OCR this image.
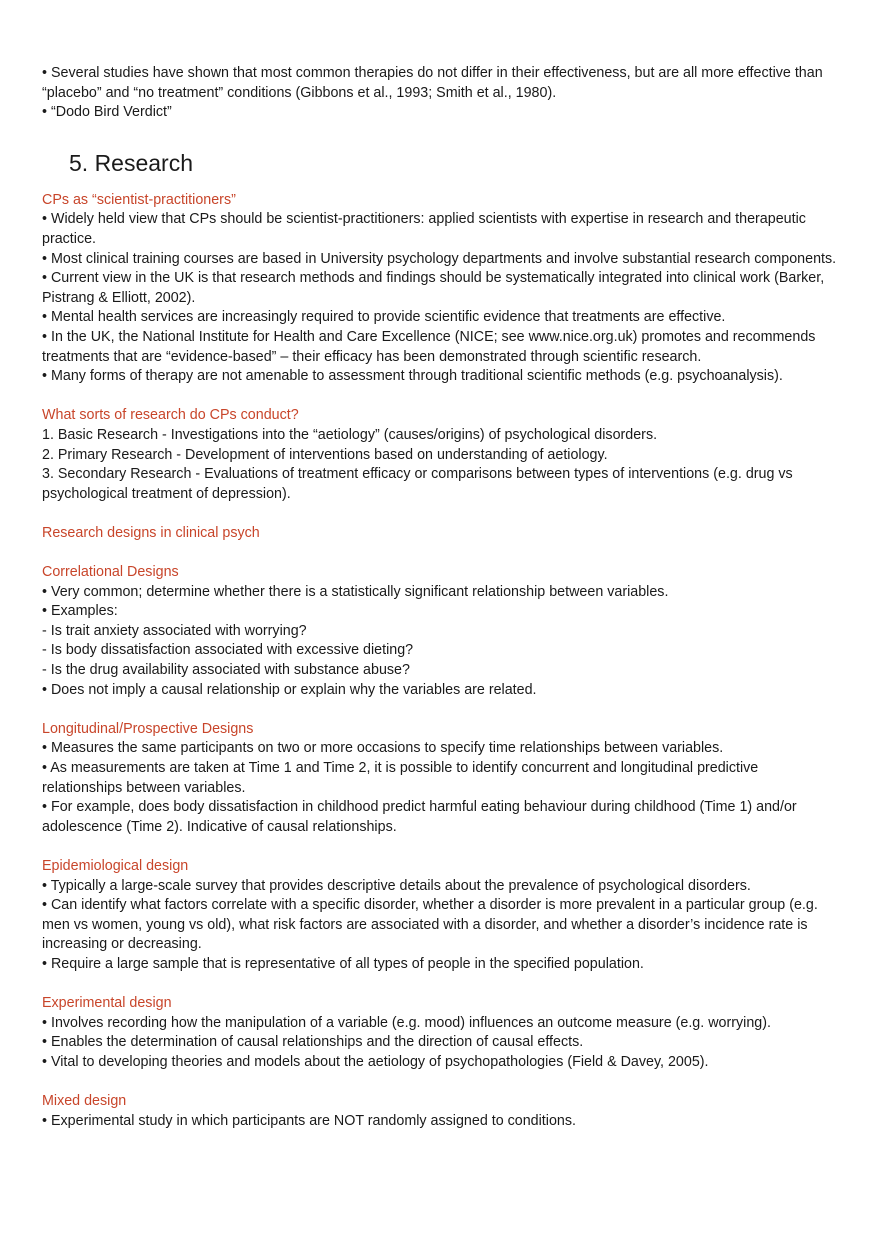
• Several studies have shown that most common therapies do not differ in their effectiveness, but are all more effective than “placebo” and “no treatment” conditions (Gibbons et al., 1993; Smith et al., 1980).
• “Dodo Bird Verdict”
5. Research
CPs as “scientist-practitioners”
• Widely held view that CPs should be scientist-practitioners: applied scientists with expertise in research and therapeutic practice.
• Most clinical training courses are based in University psychology departments and involve substantial research components.
• Current view in the UK is that research methods and findings should be systematically integrated into clinical work (Barker, Pistrang & Elliott, 2002).
• Mental health services are increasingly required to provide scientific evidence that treatments are effective.
• In the UK, the National Institute for Health and Care Excellence (NICE; see www.nice.org.uk) promotes and recommends treatments that are “evidence-based” – their efficacy has been demonstrated through scientific research.
• Many forms of therapy are not amenable to assessment through traditional scientific methods (e.g. psychoanalysis).
What sorts of research do CPs conduct?
1. Basic Research - Investigations into the “aetiology” (causes/origins) of psychological disorders.
2. Primary Research - Development of interventions based on understanding of aetiology.
3. Secondary Research - Evaluations of treatment efficacy or comparisons between types of interventions (e.g. drug vs psychological treatment of depression).
Research designs in clinical psych
Correlational Designs
• Very common; determine whether there is a statistically significant relationship between variables.
• Examples:
- Is trait anxiety associated with worrying?
- Is body dissatisfaction associated with excessive dieting?
- Is the drug availability associated with substance abuse?
• Does not imply a causal relationship or explain why the variables are related.
Longitudinal/Prospective Designs
• Measures the same participants on two or more occasions to specify time relationships between variables.
• As measurements are taken at Time 1 and Time 2, it is possible to identify concurrent and longitudinal predictive relationships between variables.
• For example, does body dissatisfaction in childhood predict harmful eating behaviour during childhood (Time 1) and/or adolescence (Time 2). Indicative of causal relationships.
Epidemiological design
• Typically a large-scale survey that provides descriptive details about the prevalence of psychological disorders.
• Can identify what factors correlate with a specific disorder, whether a disorder is more prevalent in a particular group (e.g. men vs women, young vs old), what risk factors are associated with a disorder, and whether a disorder’s incidence rate is increasing or decreasing.
• Require a large sample that is representative of all types of people in the specified population.
Experimental design
• Involves recording how the manipulation of a variable (e.g. mood) influences an outcome measure (e.g. worrying).
• Enables the determination of causal relationships and the direction of causal effects.
• Vital to developing theories and models about the aetiology of psychopathologies (Field & Davey, 2005).
Mixed design
• Experimental study in which participants are NOT randomly assigned to conditions.
